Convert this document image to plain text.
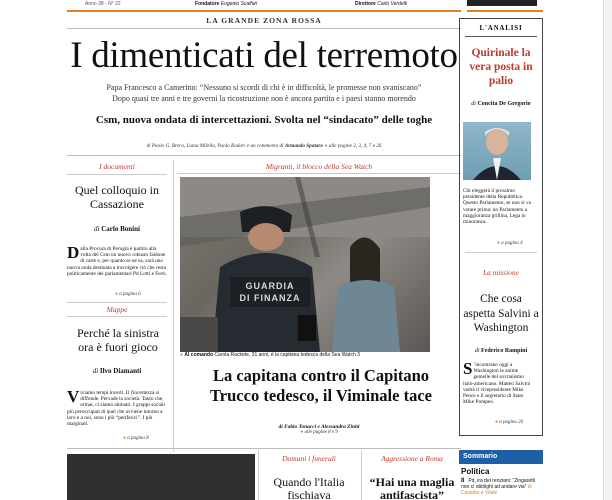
Anno 38 - N° 22	Fondatore Eugenio Scalfari	Direttore Carlo Verdelli
LA GRANDE ZONA ROSSA
I dimenticati del terremoto
Papa Francesco a Camerino: “Nessuno si scordi di chi è in difficoltà, le promesse non svaniscano”
Dopo quasi tre anni e tre governi la ricostruzione non è ancora partita e i paesi stanno morendo
Csm, nuova ondata di intercettazioni. Svolta nel “sindacato” delle toghe
di Paolo G. Brera, Liana Milella, Paolo Rodari e un commento di Armando Spataro ● alle pagine 2, 3, 4, 7 e 26
I documenti
Quel colloquio in Cassazione
di Carlo Bonini
Dalla Procura di Perugia è partito alla volta del Csm un nuovo robusto faldone di carte e, per quanto se ne sa, sarà una nuova onda destinata a travolgere ciò che resta politicamente dei parlamentari Pd Lotti e Ferri.
● a pagina 6
Mappe
Perché la sinistra ora è fuori gioco
di Ilvo Diamanti
Viviamo tempi incerti. Il l'incertezza si diffonde. Pervade la società. Tanto che, ormai, ci siamo abituati. I gruppi sociali più preoccupati di quel che avviene intorno a loro e a noi, sono i più “periferici”. I più marginali.
● a pagina 8
Migranti, il blocco della Sea Watch
GUARDIA
DI FINANZA
● Al comando Carola Rackete, 31 anni, è la capitana tedesca della Sea Watch 3
La capitana contro il Capitano
Trucco tedesco, il Viminale tace
di Fabio Tonacci e Alessandra Ziniti
● alle pagine 8 e 9
Domani i funerali
Quando l'Italia
fischiava
Aggressione a Roma
“Hai una maglia
antifascista”
L'ANALISI
Quirinale la vera posta in palio
di Concita De Gregorio
Chi eleggerà il prossimo presidente della Repubblica. Questo Parlamento, se non si va votare prima: un Parlamento a maggioranza grillina, Lega in minoranza.
● a pagina 4
La missione
Che cosa aspetta Salvini a Washington
di Federico Rampini
S ’incontrano oggi a Washington le anime gemelle del sovranismo italo-americano. Matteo Salvini vedrà il vicepresidente Mike Pence e il segretario di Stato Mike Pompeo.
● a pagina 26
Sommario
Politica
8 Pd, ira dei renziani: “Zingaretti non ci obblighi ad andare via” di Casadio e Vitale
